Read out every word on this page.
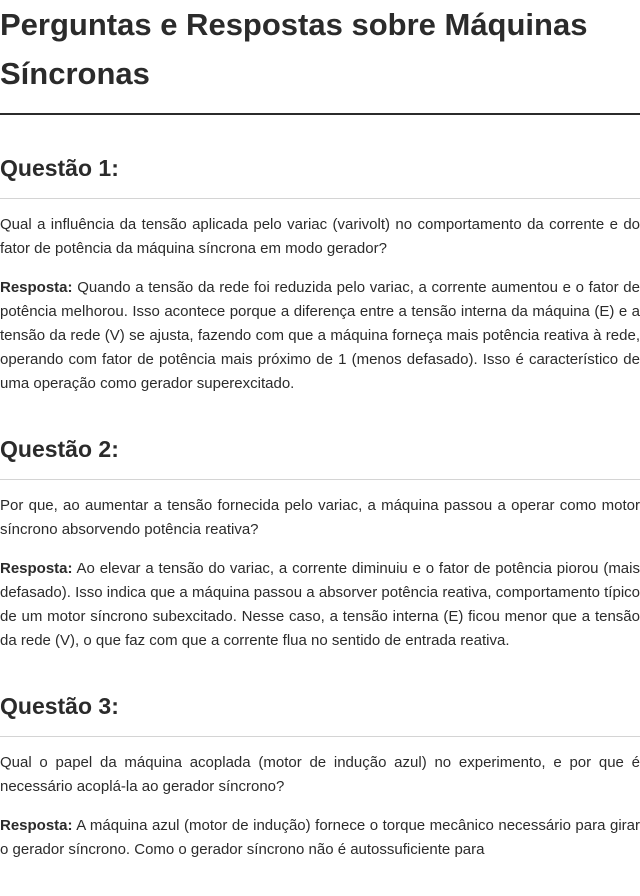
Perguntas e Respostas sobre Máquinas Síncronas
Questão 1:

Qual a influência da tensão aplicada pelo variac (varivolt) no comportamento da corrente e do fator de potência da máquina síncrona em modo gerador?

Resposta: Quando a tensão da rede foi reduzida pelo variac, a corrente aumentou e o fator de potência melhorou. Isso acontece porque a diferença entre a tensão interna da máquina (E) e a tensão da rede (V) se ajusta, fazendo com que a máquina forneça mais potência reativa à rede, operando com fator de potência mais próximo de 1 (menos defasado). Isso é característico de uma operação como gerador superexcitado.

Questão 2:

Por que, ao aumentar a tensão fornecida pelo variac, a máquina passou a operar como motor síncrono absorvendo potência reativa?

Resposta: Ao elevar a tensão do variac, a corrente diminuiu e o fator de potência piorou (mais defasado). Isso indica que a máquina passou a absorver potência reativa, comportamento típico de um motor síncrono subexcitado. Nesse caso, a tensão interna (E) ficou menor que a tensão da rede (V), o que faz com que a corrente flua no sentido de entrada reativa.

Questão 3:

Qual o papel da máquina acoplada (motor de indução azul) no experimento, e por que é necessário acoplá-la ao gerador síncrono?

Resposta: A máquina azul (motor de indução) fornece o torque mecânico necessário para girar o gerador síncrono. Como o gerador síncrono não é autossuficiente para
